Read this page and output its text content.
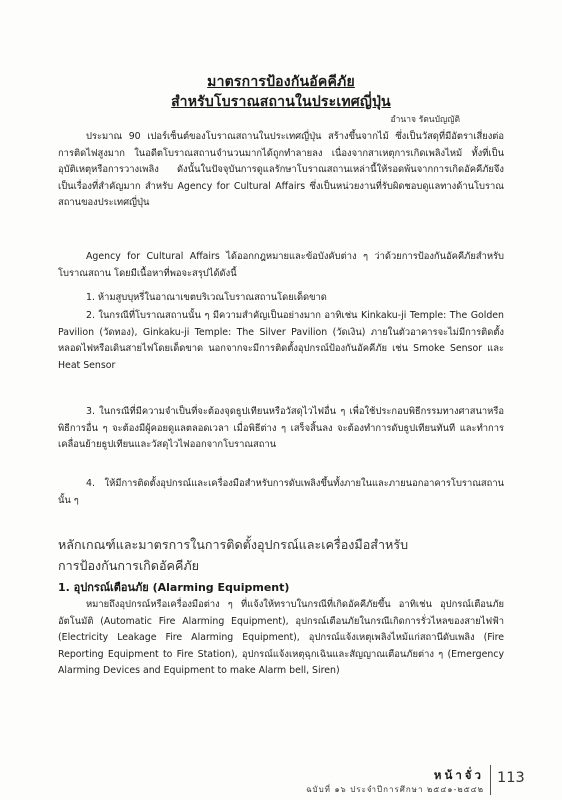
มาตรการป้องกันอัคคีภัย
สำหรับโบราณสถานในประเทศญี่ปุ่น
อำนาจ รัตนบัญญัติ
ประมาณ 90 เปอร์เซ็นต์ของโบราณสถานในประเทศญี่ปุ่น สร้างขึ้นจากไม้ ซึ่งเป็นวัสดุที่มีอัตราเสี่ยงต่อการติดไฟสูงมาก ในอดีตโบราณสถานจำนวนมากได้ถูกทำลายลง เนื่องจากสาเหตุการเกิดเพลิงไหม้ ทั้งที่เป็นอุบัติเหตุหรือการวางเพลิง ดังนั้นในปัจจุบันการดูแลรักษาโบราณสถานเหล่านี้ให้รอดพ้นจากการเกิดอัคคีภัยจึงเป็นเรื่องที่สำคัญมาก สำหรับ Agency for Cultural Affairs ซึ่งเป็นหน่วยงานที่รับผิดชอบดูแลทางด้านโบราณสถานของประเทศญี่ปุ่น
Agency for Cultural Affairs ได้ออกกฎหมายและข้อบังคับต่าง ๆ ว่าด้วยการป้องกันอัคคีภัยสำหรับโบราณสถาน โดยมีเนื้อหาที่พอจะสรุปได้ดังนี้
1. ห้ามสูบบุหรี่ในอาณาเขตบริเวณโบราณสถานโดยเด็ดขาด
2. ในกรณีที่โบราณสถานนั้น ๆ มีความสำคัญเป็นอย่างมาก อาทิเช่น Kinkaku-ji Temple: The Golden Pavilion (วัดทอง), Ginkaku-ji Temple: The Silver Pavilion (วัดเงิน) ภายในตัวอาคารจะไม่มีการติดตั้งหลอดไฟหรือเดินสายไฟโดยเด็ดขาด นอกจากจะมีการติดตั้งอุปกรณ์ป้องกันอัคคีภัย เช่น Smoke Sensor และ Heat Sensor
3. ในกรณีที่มีความจำเป็นที่จะต้องจุดธูปเทียนหรือวัสดุไวไฟอื่น ๆ เพื่อใช้ประกอบพิธีกรรมทางศาสนาหรือพิธีการอื่น ๆ จะต้องมีผู้คอยดูแลตลอดเวลา เมื่อพิธีต่าง ๆ เสร็จสิ้นลง จะต้องทำการดับธูปเทียนทันที และทำการเคลื่อนย้ายธูปเทียนและวัสดุไวไฟออกจากโบราณสถาน
4. ให้มีการติดตั้งอุปกรณ์และเครื่องมือสำหรับการดับเพลิงขึ้นทั้งภายในและภายนอกอาคารโบราณสถานนั้น ๆ
หลักเกณฑ์และมาตรการในการติดตั้งอุปกรณ์และเครื่องมือสำหรับ
การป้องกันการเกิดอัคคีภัย
1. อุปกรณ์เตือนภัย (Alarming Equipment)
หมายถึงอุปกรณ์หรือเครื่องมือต่าง ๆ ที่แจ้งให้ทราบในกรณีที่เกิดอัคคีภัยขึ้น อาทิเช่น อุปกรณ์เตือนภัยอัตโนมัติ (Automatic Fire Alarming Equipment), อุปกรณ์เตือนภัยในกรณีเกิดการรั่วไหลของสายไฟฟ้า (Electricity Leakage Fire Alarming Equipment), อุปกรณ์แจ้งเหตุเพลิงไหม้แก่สถานีดับเพลิง (Fire Reporting Equipment to Fire Station), อุปกรณ์แจ้งเหตุฉุกเฉินและสัญญาณเตือนภัยต่าง ๆ (Emergency Alarming Devices and Equipment to make Alarm bell, Siren)
หน้าจั่ว
ฉบับที่ ๑๖ ประจำปีการศึกษา ๒๕๔๑-๒๕๔๒
113
